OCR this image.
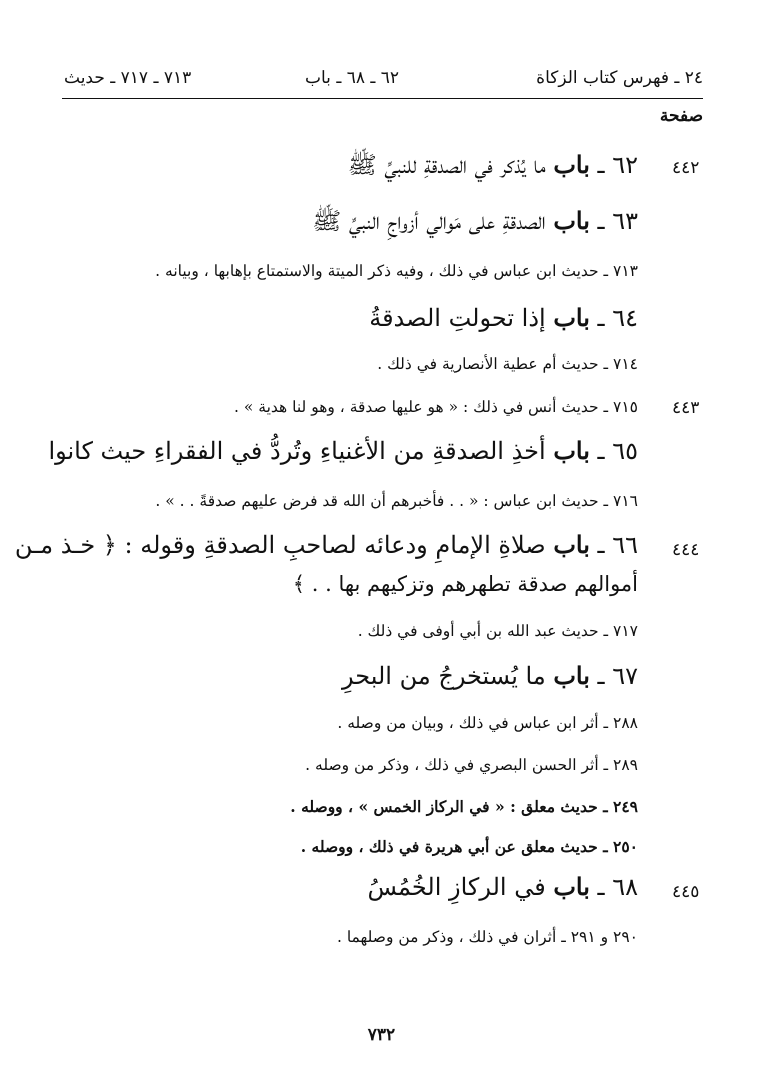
٢٤ ـ فهرس كتاب الزكاة
٦٢ ـ ٦٨ ـ باب
٧١٣ ـ ٧١٧ ـ حديث
صفحة
٤٤٢
٦٢ ـ باب ما يُذكر في الصدقةِ للنبيِّ ﷺ
٦٣ ـ باب الصدقةِ على مَوالي أزواجِ النبيِّ ﷺ
٧١٣ ـ حديث ابن عباس في ذلك ، وفيه ذكر الميتة والاستمتاع بإهابها ، وبيانه .
٦٤ ـ باب إذا تحولتِ الصدقةُ
٧١٤ ـ حديث أم عطية الأنصارية في ذلك .
٤٤٣
٧١٥ ـ حديث أنس في ذلك : « هو عليها صدقة ، وهو لنا هدية » .
٦٥ ـ باب أخذِ الصدقةِ من الأغنياءِ وتُردُّ في الفقراءِ حيث كانوا
٧١٦ ـ حديث ابن عباس : « . . فأخبرهم أن الله قد فرض عليهم صدقةً . . » .
٤٤٤
٦٦ ـ باب صلاةِ الإمامِ ودعائه لصاحبِ الصدقةِ وقوله : ﴿ خـذ مـن
أموالهم صدقة تطهرهم وتزكيهم بها . . ﴾
٧١٧ ـ حديث عبد الله بن أبي أوفى في ذلك .
٦٧ ـ باب ما يُستخرجُ من البحرِ
٢٨٨ ـ أثر ابن عباس في ذلك ، وبيان من وصله .
٢٨٩ ـ أثر الحسن البصري في ذلك ، وذكر من وصله .
٢٤٩ ـ حديث معلق : « في الركاز الخمس » ، ووصله .
٢٥٠ ـ حديث معلق عن أبي هريرة في ذلك ، ووصله .
٤٤٥
٦٨ ـ باب في الركازِ الخُمُسُ
٢٩٠ و ٢٩١ ـ أثران في ذلك ، وذكر من وصلهما .
٧٣٢
